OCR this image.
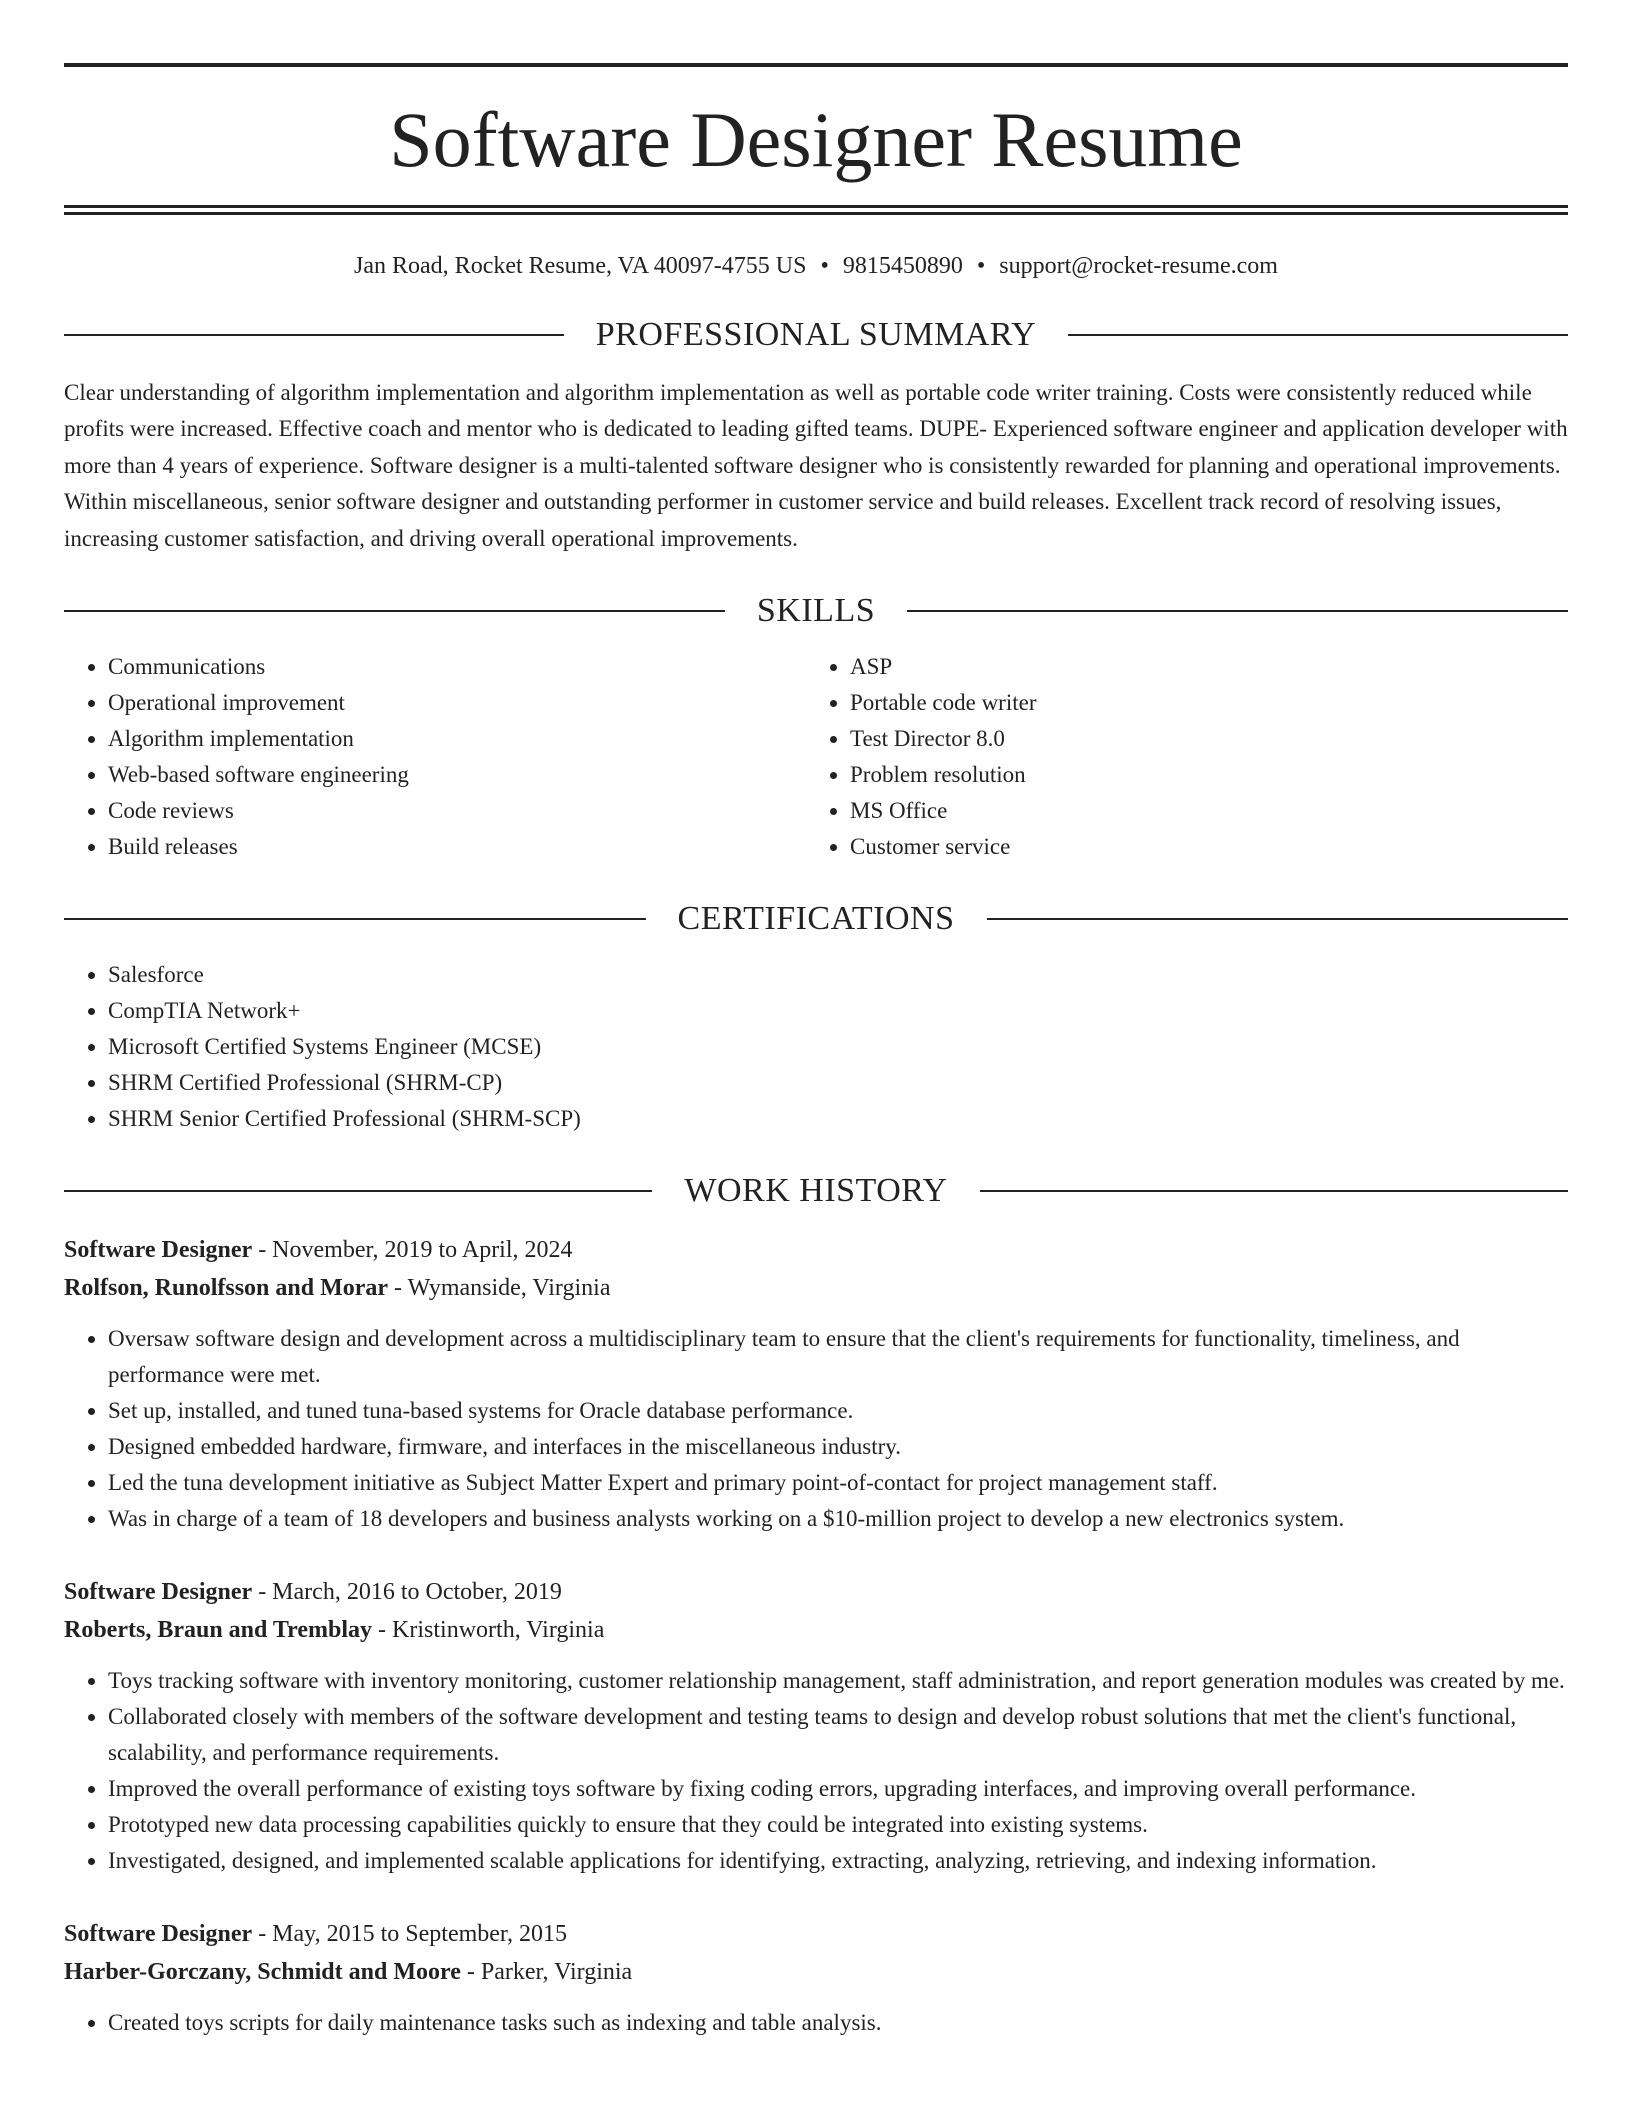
Software Designer Resume
Jan Road, Rocket Resume, VA 40097-4755 US • 9815450890 • support@rocket-resume.com
PROFESSIONAL SUMMARY
Clear understanding of algorithm implementation and algorithm implementation as well as portable code writer training. Costs were consistently reduced while profits were increased. Effective coach and mentor who is dedicated to leading gifted teams. DUPE- Experienced software engineer and application developer with more than 4 years of experience. Software designer is a multi-talented software designer who is consistently rewarded for planning and operational improvements. Within miscellaneous, senior software designer and outstanding performer in customer service and build releases. Excellent track record of resolving issues, increasing customer satisfaction, and driving overall operational improvements.
SKILLS
• Communications
• Operational improvement
• Algorithm implementation
• Web-based software engineering
• Code reviews
• Build releases
• ASP
• Portable code writer
• Test Director 8.0
• Problem resolution
• MS Office
• Customer service
CERTIFICATIONS
• Salesforce
• CompTIA Network+
• Microsoft Certified Systems Engineer (MCSE)
• SHRM Certified Professional (SHRM-CP)
• SHRM Senior Certified Professional (SHRM-SCP)
WORK HISTORY
Software Designer - November, 2019 to April, 2024
Rolfson, Runolfsson and Morar - Wymanside, Virginia
• Oversaw software design and development across a multidisciplinary team to ensure that the client's requirements for functionality, timeliness, and performance were met.
• Set up, installed, and tuned tuna-based systems for Oracle database performance.
• Designed embedded hardware, firmware, and interfaces in the miscellaneous industry.
• Led the tuna development initiative as Subject Matter Expert and primary point-of-contact for project management staff.
• Was in charge of a team of 18 developers and business analysts working on a $10-million project to develop a new electronics system.
Software Designer - March, 2016 to October, 2019
Roberts, Braun and Tremblay - Kristinworth, Virginia
• Toys tracking software with inventory monitoring, customer relationship management, staff administration, and report generation modules was created by me.
• Collaborated closely with members of the software development and testing teams to design and develop robust solutions that met the client's functional, scalability, and performance requirements.
• Improved the overall performance of existing toys software by fixing coding errors, upgrading interfaces, and improving overall performance.
• Prototyped new data processing capabilities quickly to ensure that they could be integrated into existing systems.
• Investigated, designed, and implemented scalable applications for identifying, extracting, analyzing, retrieving, and indexing information.
Software Designer - May, 2015 to September, 2015
Harber-Gorczany, Schmidt and Moore - Parker, Virginia
• Created toys scripts for daily maintenance tasks such as indexing and table analysis.
